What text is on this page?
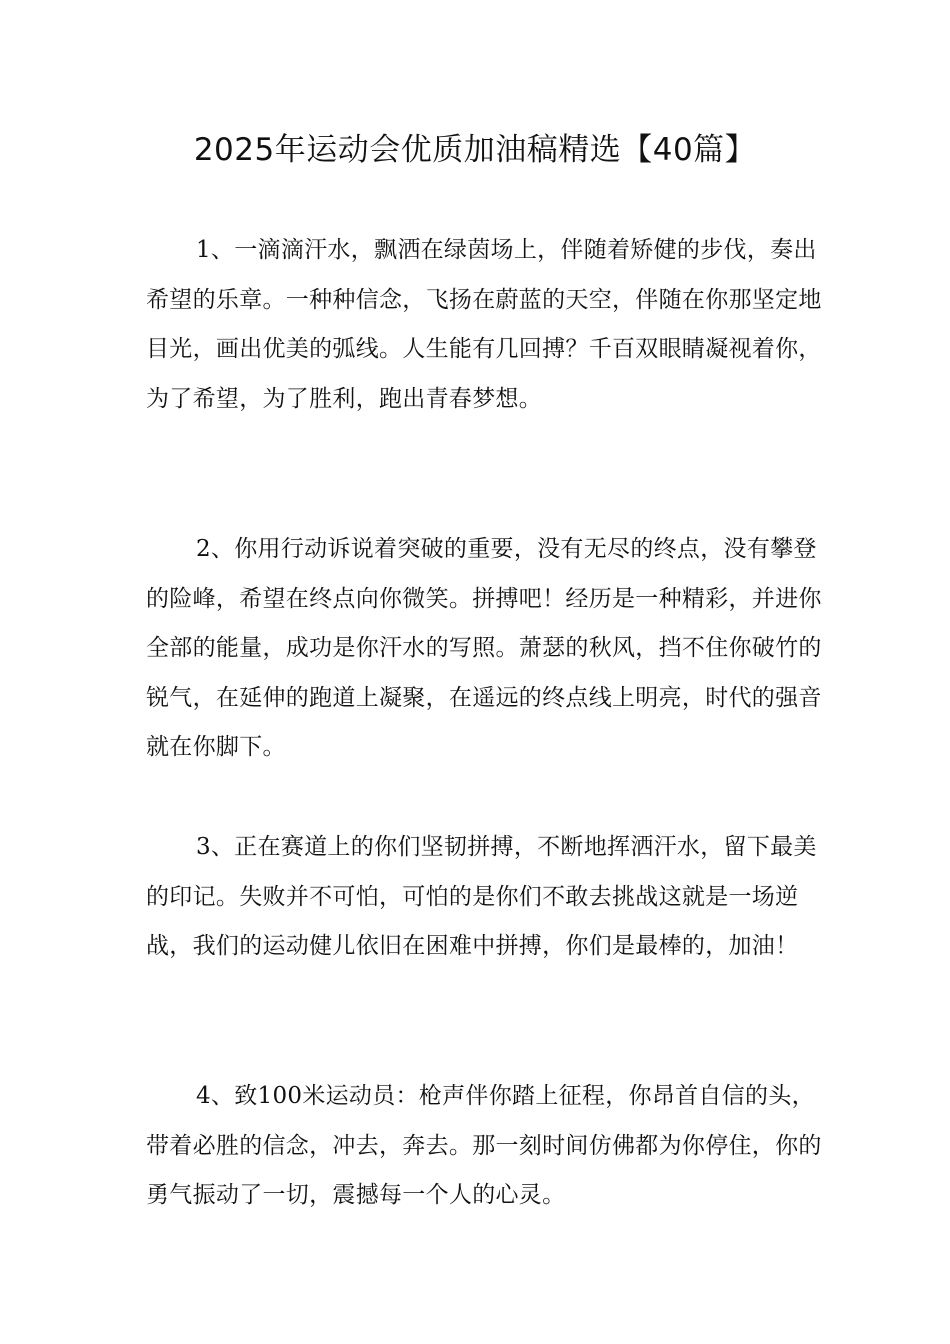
2025年运动会优质加油稿精选【40篇】

1、一滴滴汗水，飘洒在绿茵场上，伴随着矫健的步伐，奏出希望的乐章。一种种信念，飞扬在蔚蓝的天空，伴随在你那坚定地目光，画出优美的弧线。人生能有几回搏？千百双眼睛凝视着你，为了希望，为了胜利，跑出青春梦想。

2、你用行动诉说着突破的重要，没有无尽的终点，没有攀登的险峰，希望在终点向你微笑。拼搏吧！经历是一种精彩，并进你全部的能量，成功是你汗水的写照。萧瑟的秋风，挡不住你破竹的锐气，在延伸的跑道上凝聚，在遥远的终点线上明亮，时代的强音就在你脚下。

3、正在赛道上的你们坚韧拼搏，不断地挥洒汗水，留下最美的印记。失败并不可怕，可怕的是你们不敢去挑战这就是一场逆战，我们的运动健儿依旧在困难中拼搏，你们是最棒的，加油！

4、致100米运动员：枪声伴你踏上征程，你昂首自信的头，带着必胜的信念，冲去，奔去。那一刻时间仿佛都为你停住，你的勇气振动了一切，震撼每一个人的心灵。
